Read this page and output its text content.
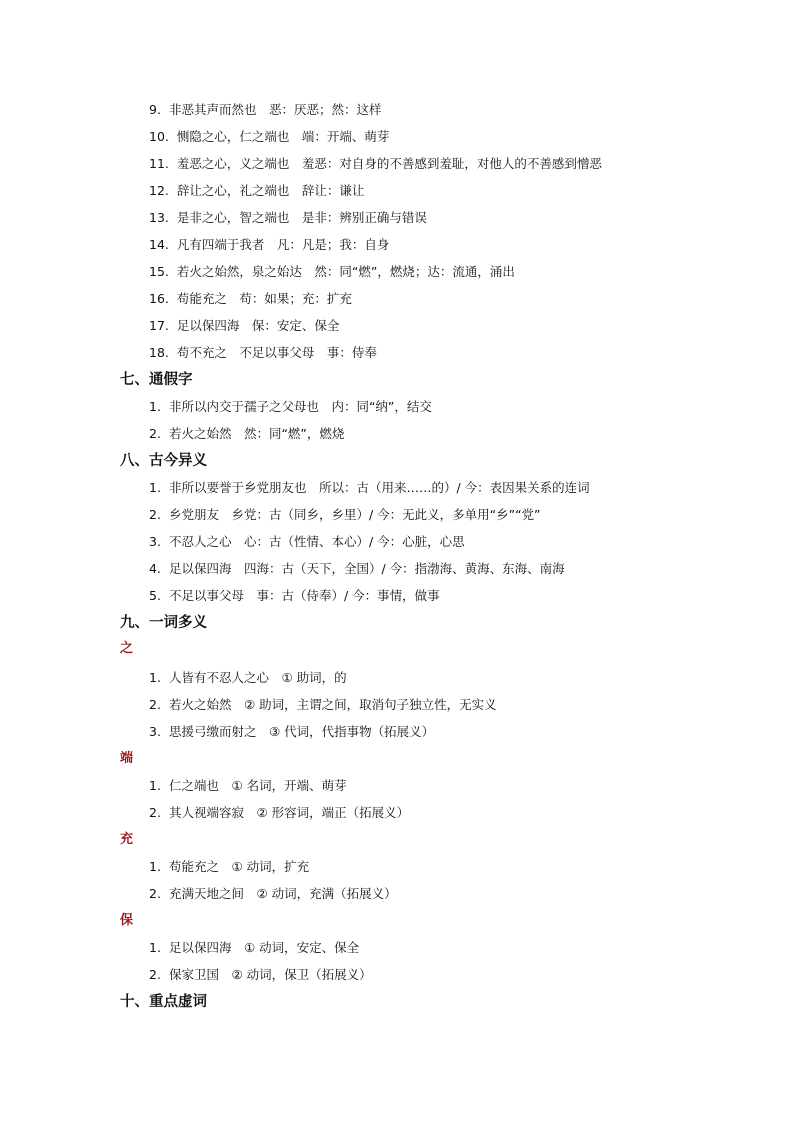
9. 非恶其声而然也　恶：厌恶；然：这样
10. 恻隐之心，仁之端也　端：开端、萌芽
11. 羞恶之心，义之端也　羞恶：对自身的不善感到羞耻，对他人的不善感到憎恶
12. 辞让之心，礼之端也　辞让：谦让
13. 是非之心，智之端也　是非：辨别正确与错误
14. 凡有四端于我者　凡：凡是；我：自身
15. 若火之始然，泉之始达　然：同“燃”，燃烧；达：流通，涌出
16. 苟能充之　苟：如果；充：扩充
17. 足以保四海　保：安定、保全
18. 苟不充之　不足以事父母　事：侍奉
七、通假字
1. 非所以内交于孺子之父母也　内：同“纳”，结交
2. 若火之始然　然：同“燃”，燃烧
八、古今异义
1. 非所以要誉于乡党朋友也　所以：古（用来……的）/ 今：表因果关系的连词
2. 乡党朋友　乡党：古（同乡，乡里）/ 今：无此义，多单用“乡”“党”
3. 不忍人之心　心：古（性情、本心）/ 今：心脏，心思
4. 足以保四海　四海：古（天下，全国）/ 今：指渤海、黄海、东海、南海
5. 不足以事父母　事：古（侍奉）/ 今：事情，做事
九、一词多义
之
1. 人皆有不忍人之心　① 助词，的
2. 若火之始然　② 助词，主谓之间，取消句子独立性，无实义
3. 思援弓缴而射之　③ 代词，代指事物（拓展义）
端
1. 仁之端也　① 名词，开端、萌芽
2. 其人视端容寂　② 形容词，端正（拓展义）
充
1. 苟能充之　① 动词，扩充
2. 充满天地之间　② 动词，充满（拓展义）
保
1. 足以保四海　① 动词，安定、保全
2. 保家卫国　② 动词，保卫（拓展义）
十、重点虚词
